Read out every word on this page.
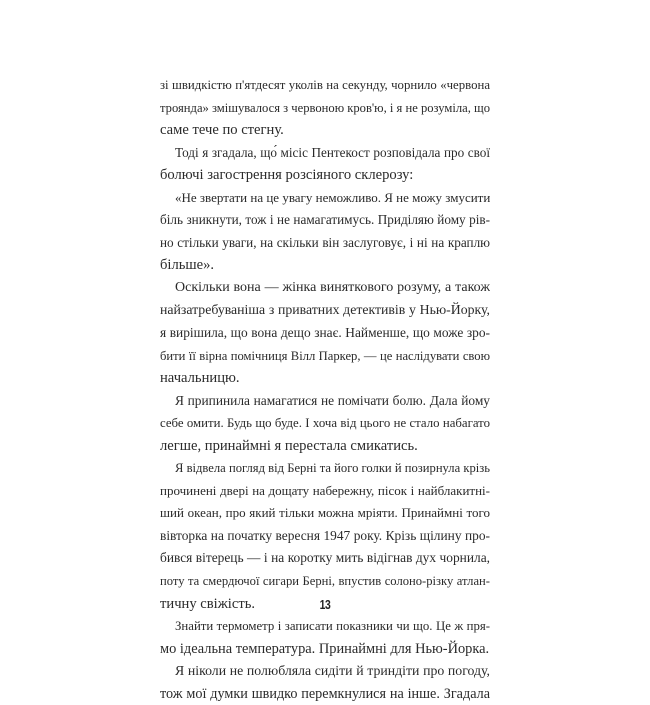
зі швидкістю п'ятдесят уколів на секунду, чорнило «червона
троянда» змішувалося з червоною кров'ю, і я не розуміла, що
саме тече по стегну.
Тоді я згадала, що́ місіс Пентекост розповідала про свої
болючі загострення розсіяного склерозу:
«Не звертати на це увагу неможливо. Я не можу змусити
біль зникнути, тож і не намагатимусь. Приділяю йому рів-
но стільки уваги, на скільки він заслуговує, і ні на краплю
більше».
Оскільки вона — жінка виняткового розуму, а також
найзатребуваніша з приватних детективів у Нью-Йорку,
я вирішила, що вона дещо знає. Найменше, що може зро-
бити її вірна помічниця Вілл Паркер, — це наслідувати свою
начальницю.
Я припинила намагатися не помічати болю. Дала йому
себе омити. Будь що буде. І хоча від цього не стало набагато
легше, принаймні я перестала смикатись.
Я відвела погляд від Берні та його голки й позирнула крізь
прочинені двері на дощату набережну, пісок і найблакитні-
ший океан, про який тільки можна мріяти. Принаймні того
вівторка на початку вересня 1947 року. Крізь щілину про-
бився вітерець — і на коротку мить відігнав дух чорнила,
поту та смердючої сигари Берні, впустив солоно-різку атлан-
тичну свіжість.
Знайти термометр і записати показники чи що. Це ж пря-
мо ідеальна температура. Принаймні для Нью-Йорка.
Я ніколи не полюбляла сидіти й триндіти про погоду,
тож мої думки швидко перемкнулися на інше. Згадала
13
